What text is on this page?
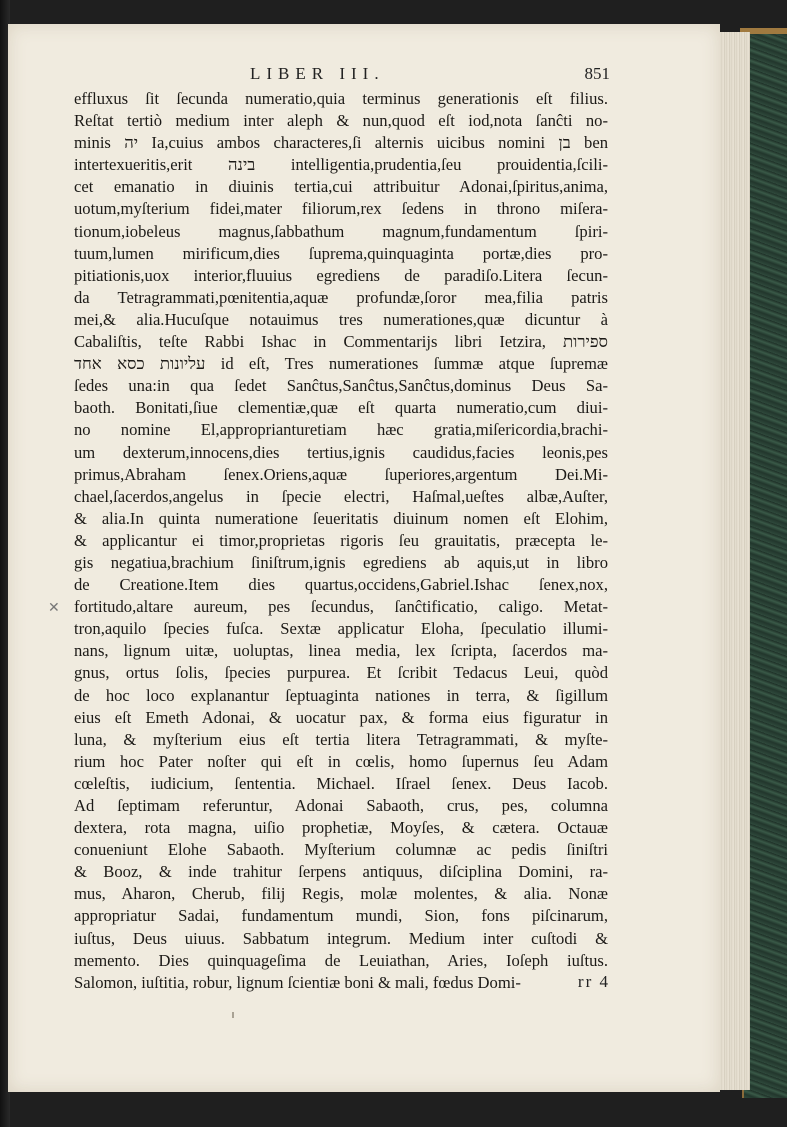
LIBER III.	851
effluxus ſit ſecunda numeratio,quia terminus generationis eſt filius.
Reſtat tertiò medium inter aleph & nun,quod eſt iod,nota ſanĉti no-
minis יה Ia,cuius ambos characteres,ſi alternis uicibus nomini בן ben
intertexueritis,erit בינה intelligentia,prudentia,ſeu prouidentia,ſcili-
cet emanatio in diuinis tertia,cui attribuitur Adonai,ſpiritus,anima,
uotum,myſterium fidei,mater filiorum,rex ſedens in throno miſera-
tionum,iobeleus magnus,ſabbathum magnum,fundamentum ſpiri-
tuum,lumen mirificum,dies ſuprema,quinquaginta portæ,dies pro-
pitiationis,uox interior,fluuius egrediens de paradiſo.Litera ſecun-
da Tetragrammati,pœnitentia,aquæ profundæ,ſoror mea,filia patris
mei,& alia.Hucuſque notauimus tres numerationes,quæ dicuntur à
Cabaliſtis, teſte Rabbi Ishac in Commentarijs libri Ietzira, ספירות
עליונות כסא אחד id eſt, Tres numerationes ſummæ atque ſupremæ
ſedes una:in qua ſedet Sanĉtus,Sanĉtus,Sanĉtus,dominus Deus Sa-
baoth. Bonitati,ſiue clementiæ,quæ eſt quarta numeratio,cum diui-
no nomine El,approprianturetiam hæc gratia,miſericordia,brachi-
um dexterum,innocens,dies tertius,ignis caudidus,facies leonis,pes
primus,Abraham ſenex.Oriens,aquæ ſuperiores,argentum Dei.Mi-
chael,ſacerdos,angelus in ſpecie electri, Haſmal,ueſtes albæ,Auſter,
& alia.In quinta numeratione ſeueritatis diuinum nomen eſt Elohim,
& applicantur ei timor,proprietas rigoris ſeu grauitatis, præcepta le-
gis negatiua,brachium ſiniſtrum,ignis egrediens ab aquis,ut in libro
de Creatione.Item dies quartus,occidens,Gabriel.Ishac ſenex,nox,
fortitudo,altare aureum, pes ſecundus, ſanĉtificatio, caligo. Metat-
tron,aquilo ſpecies fuſca. Sextæ applicatur Eloha, ſpeculatio illumi-
nans, lignum uitæ, uoluptas, linea media, lex ſcripta, ſacerdos ma-
gnus, ortus ſolis, ſpecies purpurea. Et ſcribit Tedacus Leui, quòd
de hoc loco explanantur ſeptuaginta nationes in terra, & ſigillum
eius eſt Emeth Adonai, & uocatur pax, & forma eius figuratur in
luna, & myſterium eius eſt tertia litera Tetragrammati, & myſte-
rium hoc Pater noſter qui eſt in cœlis, homo ſupernus ſeu Adam
cœleſtis, iudicium, ſententia. Michael. Iſrael ſenex. Deus Iacob.
Ad ſeptimam referuntur, Adonai Sabaoth, crus, pes, columna
dextera, rota magna, uiſio prophetiæ, Moyſes, & cætera. Octauæ
conueniunt Elohe Sabaoth. Myſterium columnæ ac pedis ſiniſtri
& Booz, & inde trahitur ſerpens antiquus, diſciplina Domini, ra-
mus, Aharon, Cherub, filij Regis, molæ molentes, & alia. Nonæ
appropriatur Sadai, fundamentum mundi, Sion, fons piſcinarum,
iuſtus, Deus uiuus. Sabbatum integrum. Medium inter cuſtodi &
memento. Dies quinquageſima de Leuiathan, Aries, Ioſeph iuſtus.
Salomon, iuſtitia, robur, lignum ſcientiæ boni & mali, fœdus Domi-
✕
rr 4
